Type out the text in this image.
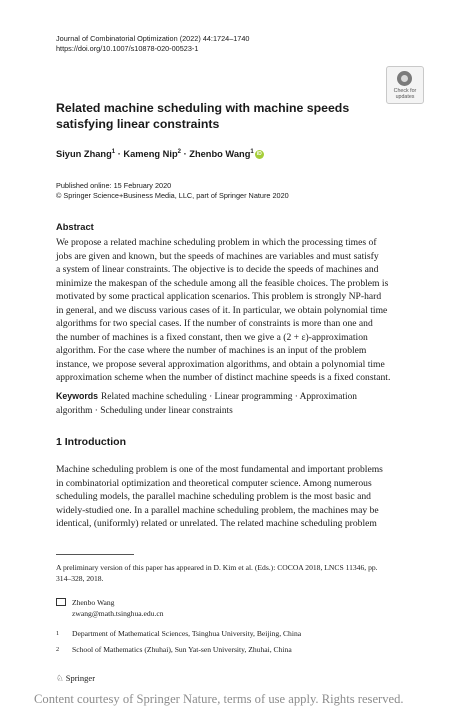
Journal of Combinatorial Optimization (2022) 44:1724–1740
https://doi.org/10.1007/s10878-020-00523-1
Check for
updates
Related machine scheduling with machine speeds satisfying linear constraints
Siyun Zhang$^1$ · Kameng Nip$^2$ · Zhenbo Wang$^1$ iD
Published online: 15 February 2020
© Springer Science+Business Media, LLC, part of Springer Nature 2020
Abstract
We propose a related machine scheduling problem in which the processing times of
jobs are given and known, but the speeds of machines are variables and must satisfy
a system of linear constraints. The objective is to decide the speeds of machines and
minimize the makespan of the schedule among all the feasible choices. The problem is
motivated by some practical application scenarios. This problem is strongly NP-hard
in general, and we discuss various cases of it. In particular, we obtain polynomial time
algorithms for two special cases. If the number of constraints is more than one and
the number of machines is a fixed constant, then we give a (2 + ε)-approximation
algorithm. For the case where the number of machines is an input of the problem
instance, we propose several approximation algorithms, and obtain a polynomial time
approximation scheme when the number of distinct machine speeds is a fixed constant.
Keywords Related machine scheduling · Linear programming · Approximation
algorithm · Scheduling under linear constraints
1 Introduction
Machine scheduling problem is one of the most fundamental and important problems
in combinatorial optimization and theoretical computer science. Among numerous
scheduling models, the parallel machine scheduling problem is the most basic and
widely-studied one. In a parallel machine scheduling problem, the machines may be
identical, (uniformly) related or unrelated. The related machine scheduling problem
A preliminary version of this paper has appeared in D. Kim et al. (Eds.): COCOA 2018, LNCS 11346, pp.
314–328, 2018.
Zhenbo Wang
zwang@math.tsinghua.edu.cn
1	Department of Mathematical Sciences, Tsinghua University, Beijing, China
2	School of Mathematics (Zhuhai), Sun Yat-sen University, Zhuhai, China
♘ Springer
Content courtesy of Springer Nature, terms of use apply. Rights reserved.
